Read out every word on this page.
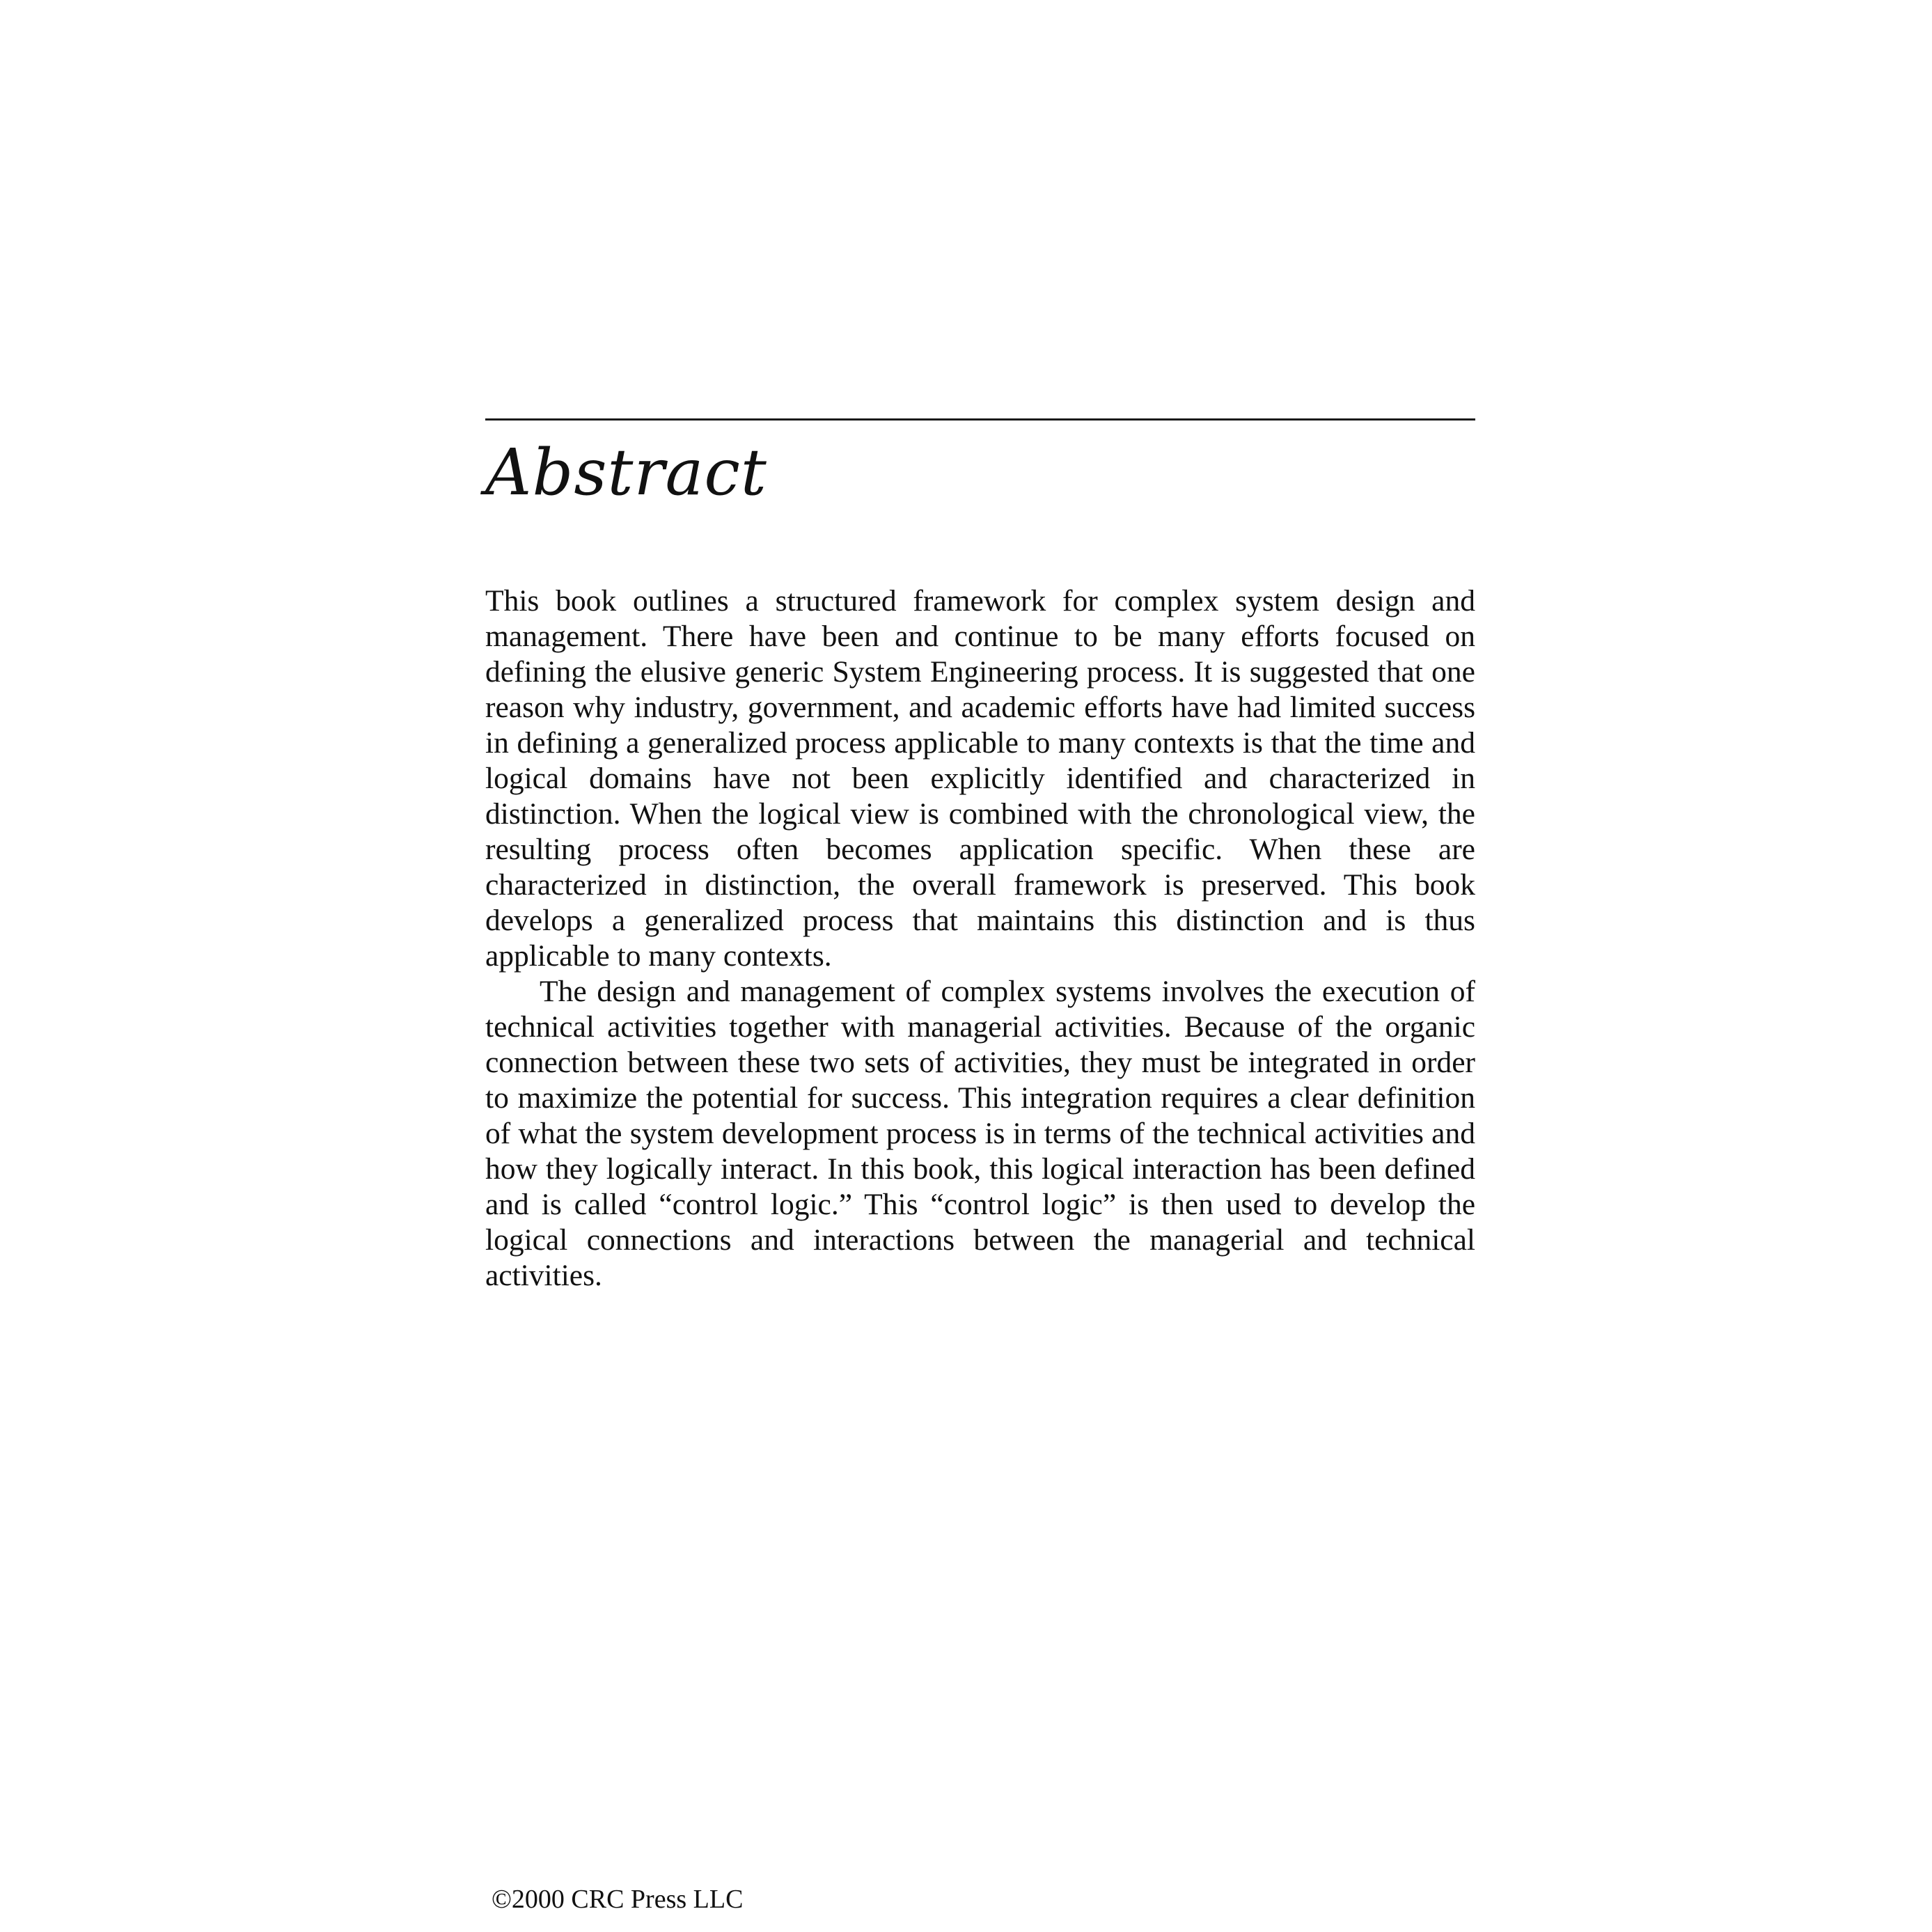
Abstract

This book outlines a structured framework for complex system design and management. There have been and continue to be many efforts focused on defining the elusive generic System Engineering process. It is suggested that one reason why industry, government, and academic efforts have had limited success in defining a generalized process applicable to many contexts is that the time and logical domains have not been explicitly identified and characterized in distinction. When the logical view is combined with the chronological view, the resulting process often becomes application specific. When these are characterized in distinction, the overall framework is preserved. This book develops a generalized process that maintains this distinction and is thus applicable to many contexts.

The design and management of complex systems involves the execution of technical activities together with managerial activities. Because of the organic connection between these two sets of activities, they must be integrated in order to maximize the potential for success. This integration requires a clear definition of what the system development process is in terms of the technical activities and how they logically interact. In this book, this logical interaction has been defined and is called “control logic.” This “control logic” is then used to develop the logical connections and interactions between the managerial and technical activities.

©2000 CRC Press LLC
